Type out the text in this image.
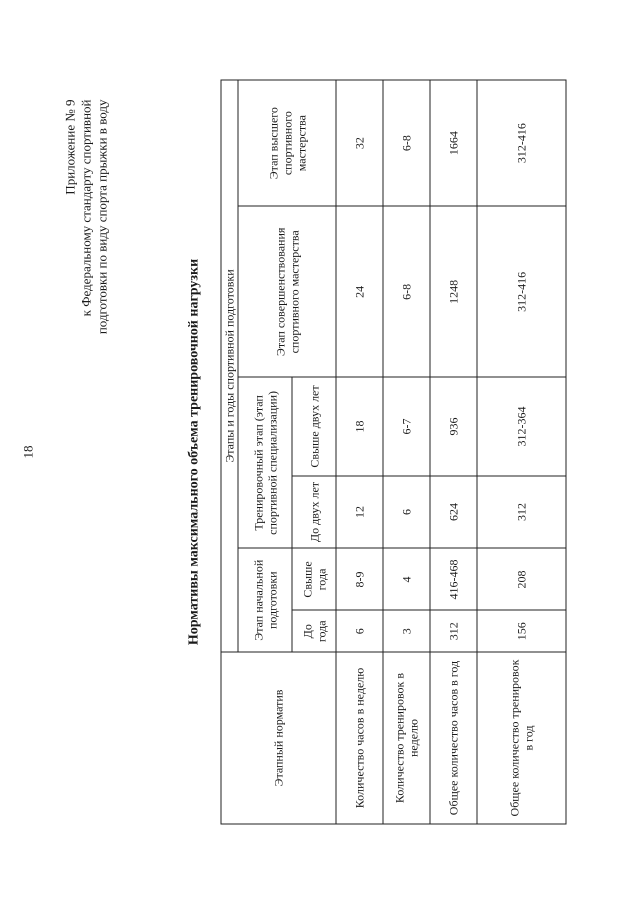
18
Приложение № 9 к Федеральному стандарту спортивной подготовки по виду спорта прыжки в воду
Нормативы максимального объема тренировочной нагрузки
Этапный норматив	Этапы и годы спортивной подготовки					
	Этап начальной подготовки		Тренировочный этап (этап спортивной специализации)		Этап совершенствования спортивного мастерства	Этап высшего спортивного мастерства
	До года	Свыше года	До двух лет	Свыше двух лет		
Количество часов в неделю	6	8-9	12	18	24	32
Количество тренировок в неделю	3	4	6	6-7	6-8	6-8
Общее количество часов в год	312	416-468	624	936	1248	1664
Общее количество тренировок в год	156	208	312	312-364	312-416	312-416
